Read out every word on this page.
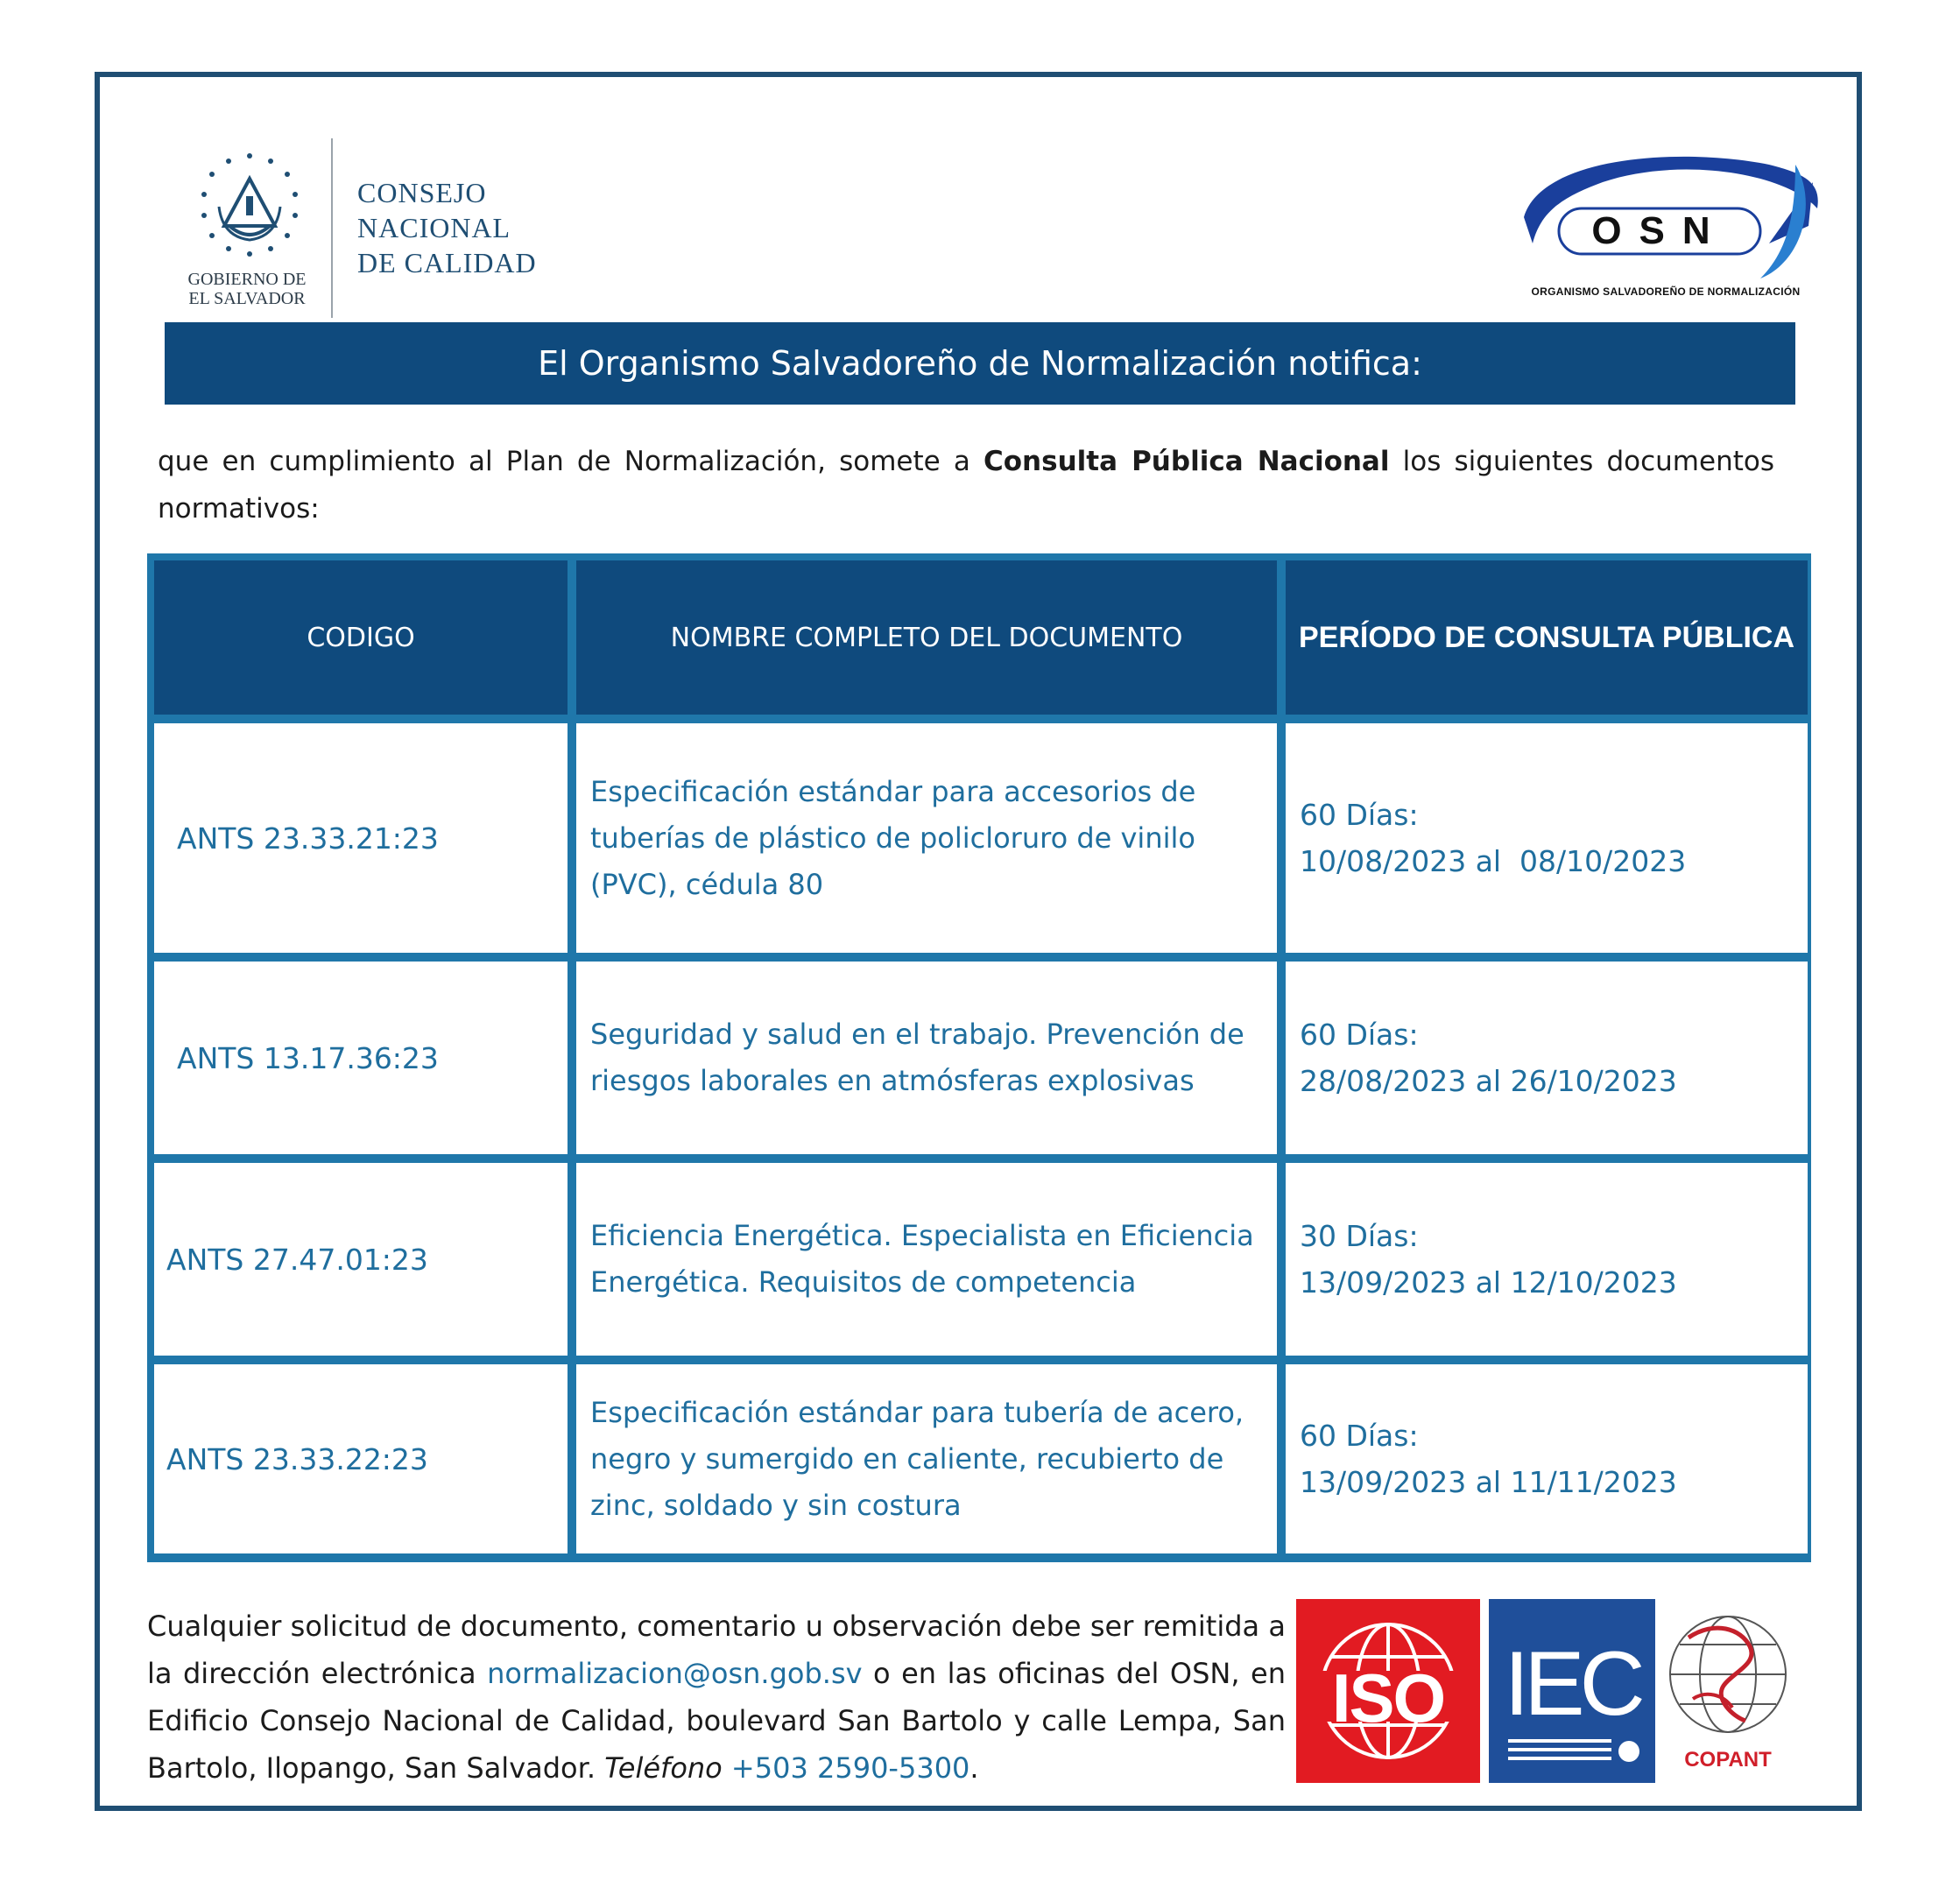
GOBIERNO DE
EL SALVADOR
CONSEJO
NACIONAL
DE CALIDAD
OSN
ORGANISMO SALVADOREÑO DE NORMALIZACIÓN
El Organismo Salvadoreño de Normalización notifica:
que en cumplimiento al Plan de Normalización, somete a Consulta Pública Nacional los siguientes documentos normativos:
CODIGO	NOMBRE COMPLETO DEL DOCUMENTO	PERÍODO DE CONSULTA PÚBLICA
ANTS 23.33.21:23	Especificación estándar para accesorios de tuberías de plástico de policloruro de vinilo (PVC), cédula 80	60 Días:
10/08/2023 al  08/10/2023

ANTS 13.17.36:23	Seguridad y salud en el trabajo. Prevención de riesgos laborales en atmósferas explosivas	60 Días:
28/08/2023 al 26/10/2023

ANTS 27.47.01:23	Eficiencia Energética. Especialista en Eficiencia Energética. Requisitos de competencia	30 Días:
13/09/2023 al 12/10/2023

ANTS 23.33.22:23	Especificación estándar para tubería de acero, negro y sumergido en caliente, recubierto de zinc, soldado y sin costura	60 Días:
13/09/2023 al 11/11/2023
Cualquier solicitud de documento, comentario u observación debe ser remitida a la dirección electrónica normalizacion@osn.gob.sv o en las oficinas del OSN, en Edificio Consejo Nacional de Calidad, boulevard San Bartolo y calle Lempa, San Bartolo, Ilopango, San Salvador. Teléfono +503 2590-5300.
ISO IEC
COPANT
